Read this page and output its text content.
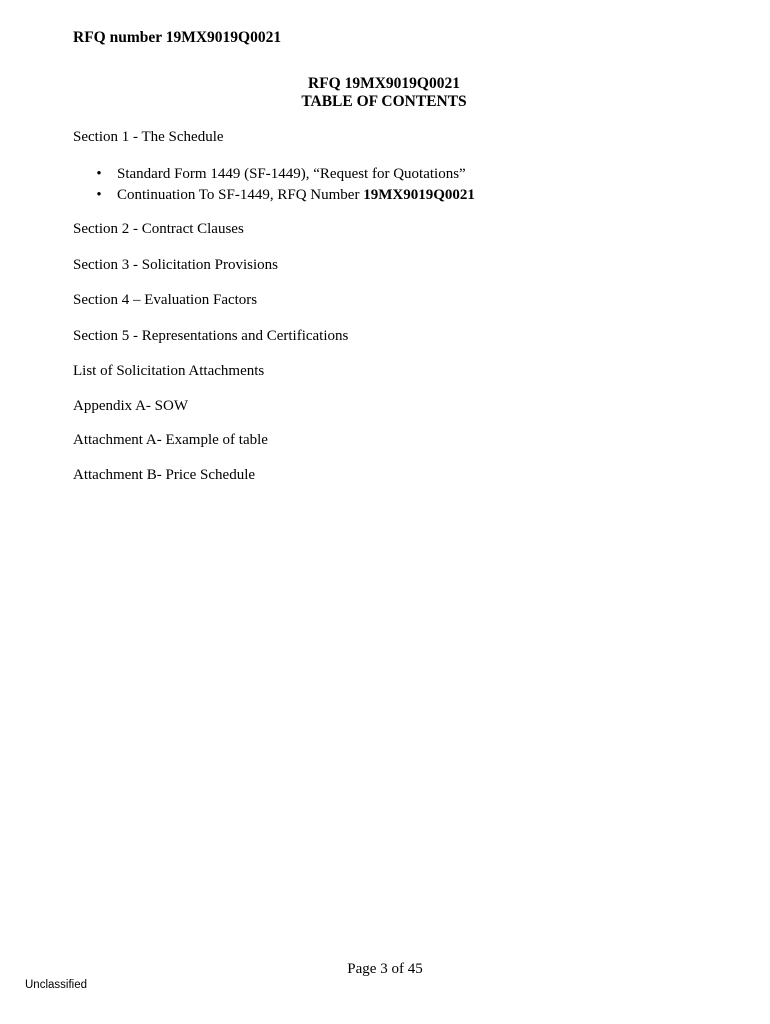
RFQ number 19MX9019Q0021
RFQ 19MX9019Q0021
TABLE OF CONTENTS
Section 1 - The Schedule
• Standard Form 1449 (SF-1449), “Request for Quotations”
• Continuation To SF-1449, RFQ Number 19MX9019Q0021
Section 2 - Contract Clauses
Section 3 - Solicitation Provisions
Section 4 – Evaluation Factors
Section 5 - Representations and Certifications
List of Solicitation Attachments
Appendix A- SOW
Attachment A- Example of table
Attachment B- Price Schedule
Page 3 of 45
Unclassified
